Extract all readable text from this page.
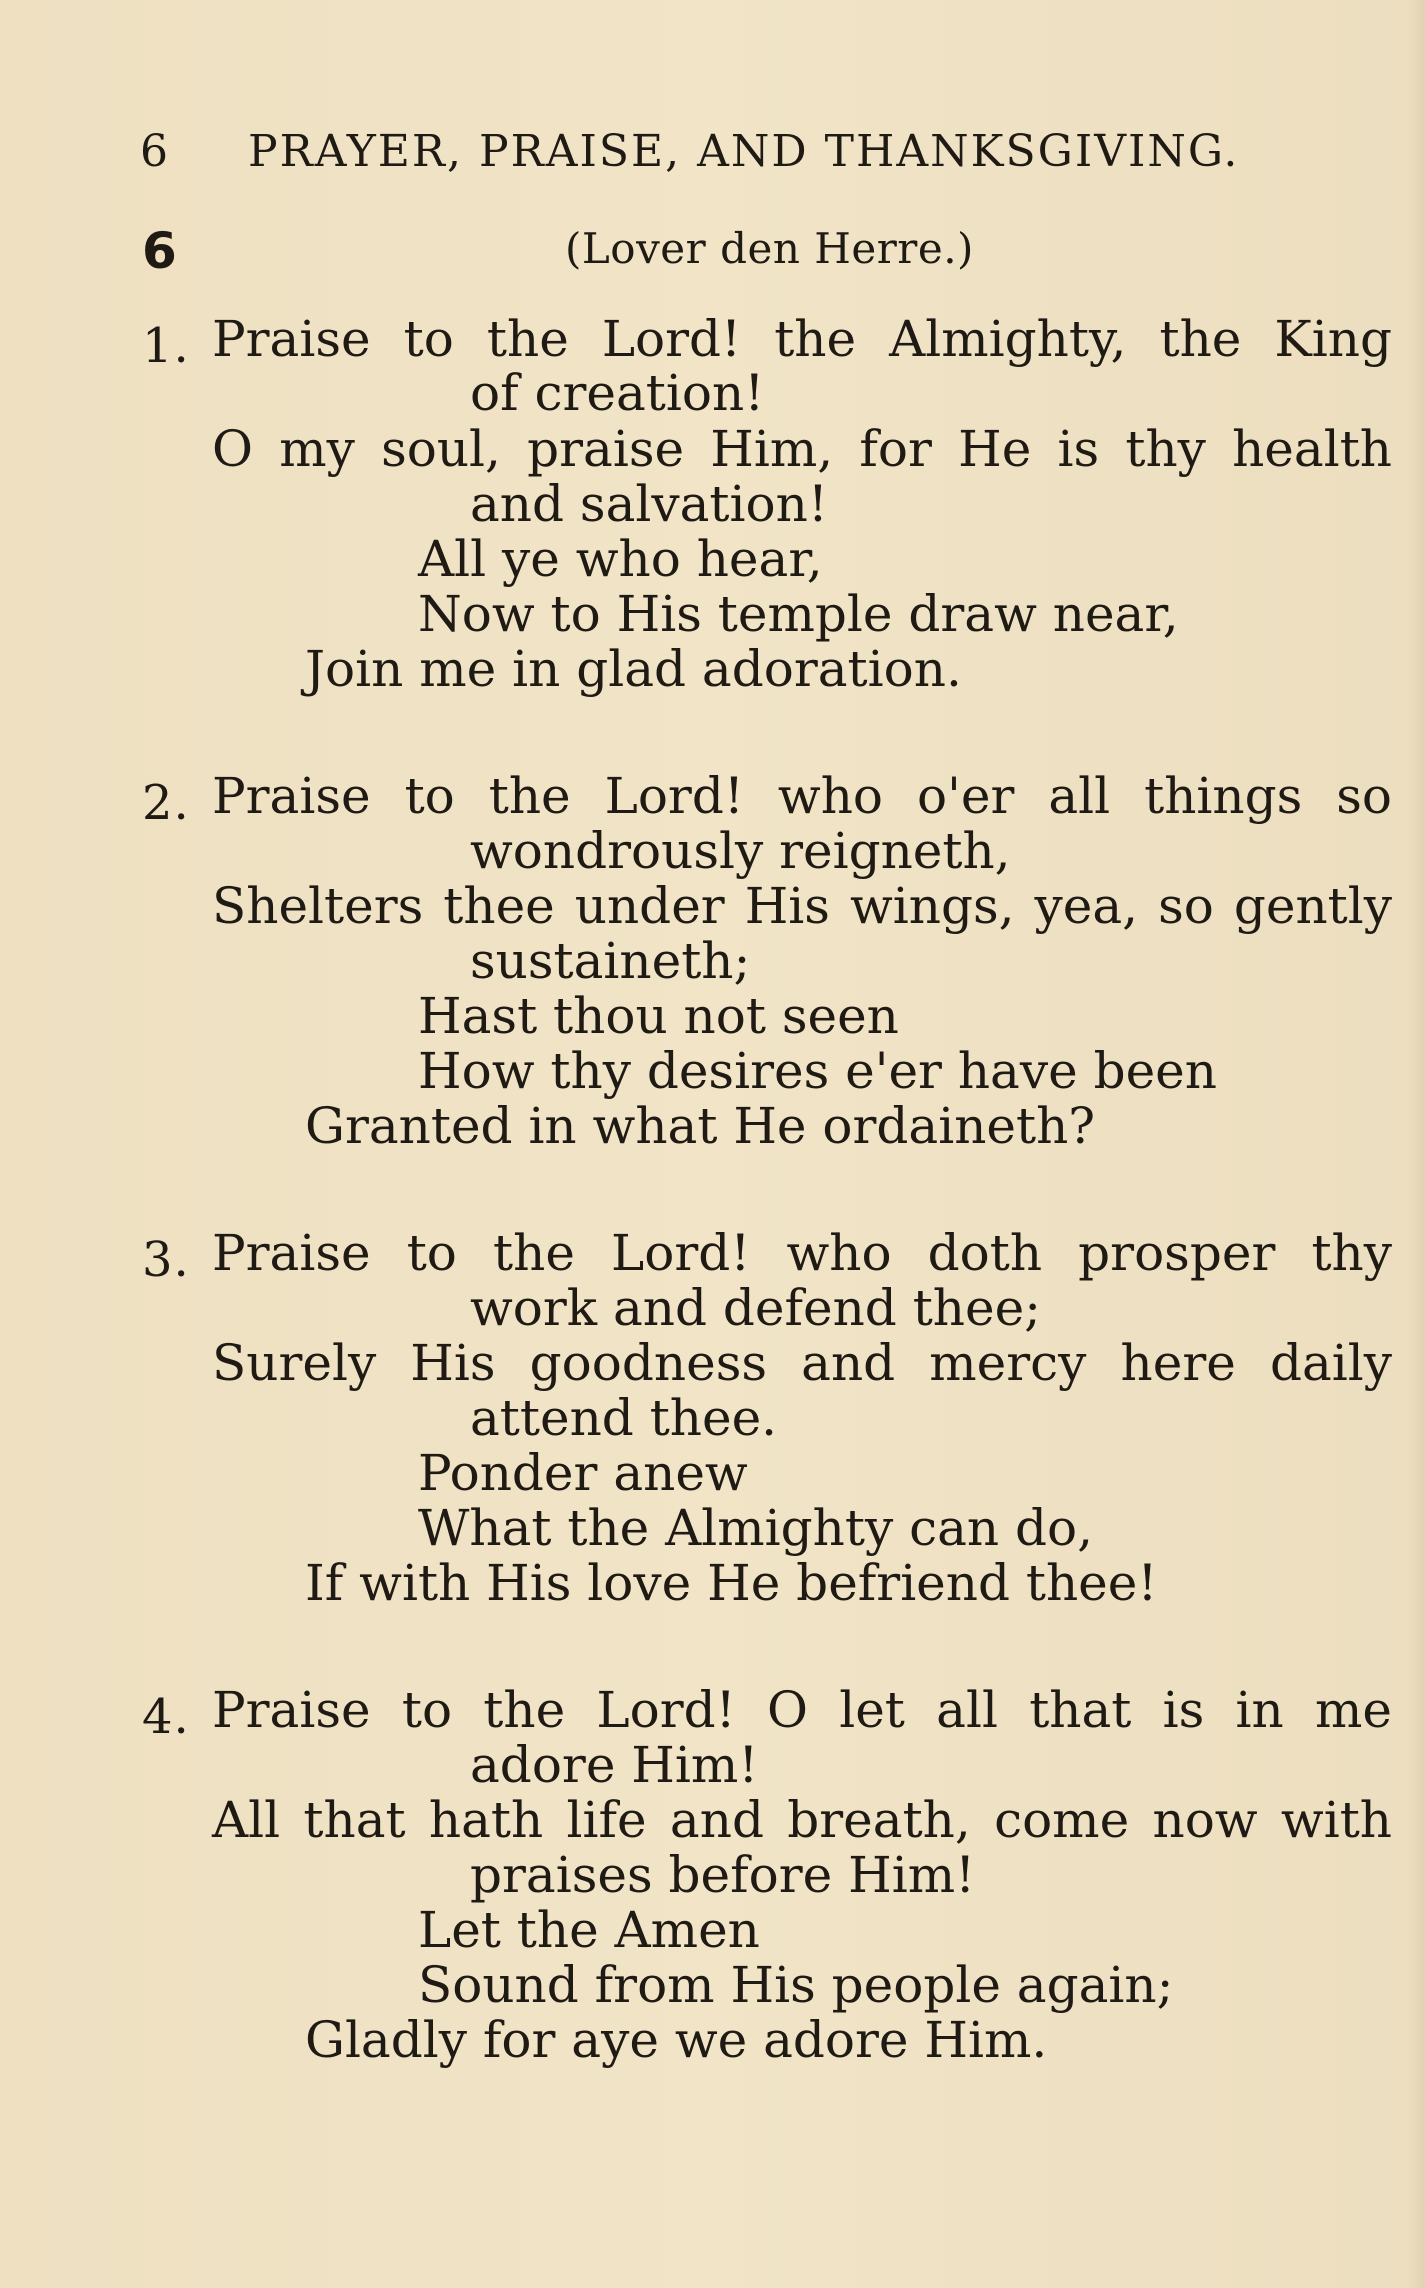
6 PRAYER, PRAISE, AND THANKSGIVING.
6	(Lover den Herre.)
1. Praise to the Lord! the Almighty, the King
of creation!
O my soul, praise Him, for He is thy health
and salvation!
All ye who hear,
Now to His temple draw near,
Join me in glad adoration.
2. Praise to the Lord! who o'er all things so
wondrously reigneth,
Shelters thee under His wings, yea, so gently
sustaineth;
Hast thou not seen
How thy desires e'er have been
Granted in what He ordaineth?
3. Praise to the Lord! who doth prosper thy
work and defend thee;
Surely His goodness and mercy here daily
attend thee.
Ponder anew
What the Almighty can do,
If with His love He befriend thee!
4. Praise to the Lord! O let all that is in me
adore Him!
All that hath life and breath, come now with
praises before Him!
Let the Amen
Sound from His people again;
Gladly for aye we adore Him.
